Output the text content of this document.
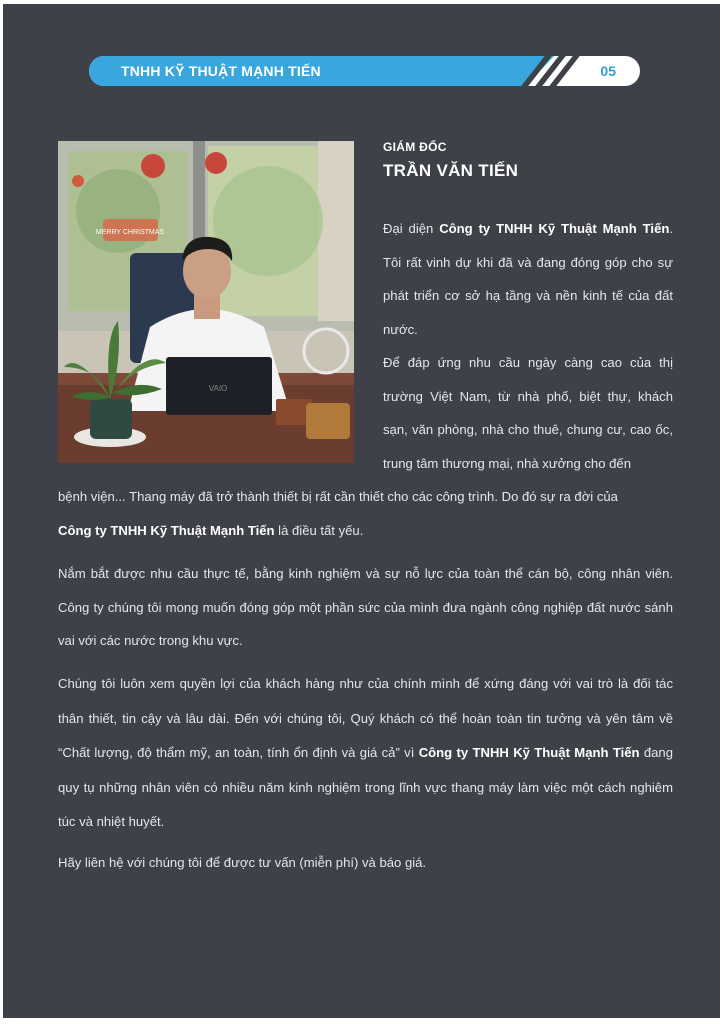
TNHH KỸ THUẬT MẠNH TIẾN	05
MERRY CHRISTMAS
VAIO
GIÁM ĐỐC
TRẦN VĂN TIẾN

Đại diện Công ty TNHH Kỹ Thuật Mạnh Tiến. Tôi rất vinh dự khi đã và đang đóng góp cho sự phát triển cơ sở hạ tầng và nền kinh tế của đất nước.

Để đáp ứng nhu cầu ngày càng cao của thị trường Việt Nam, từ nhà phố, biệt thự, khách sạn, văn phòng, nhà cho thuê, chung cư, cao ốc, trung tâm thương mại, nhà xưởng cho đến

bệnh viện... Thang máy đã trở thành thiết bị rất cần thiết cho các công trình. Do đó sự ra đời của
Công ty TNHH Kỹ Thuật Mạnh Tiến là điều tất yếu.

Nắm bắt được nhu cầu thực tế, bằng kinh nghiệm và sự nỗ lực của toàn thể cán bộ, công nhân viên. Công ty chúng tôi mong muốn đóng góp một phần sức của mình đưa ngành công nghiệp đất nước sánh vai với các nước trong khu vực.

Chúng tôi luôn xem quyền lợi của khách hàng như của chính mình để xứng đáng với vai trò là đối tác thân thiết, tin cậy và lâu dài. Đến với chúng tôi, Quý khách có thể hoàn toàn tin tưởng và yên tâm về “Chất lượng, độ thẩm mỹ, an toàn, tính ổn định và giá cả” vì Công ty TNHH Kỹ Thuật Mạnh Tiến đang quy tụ những nhân viên có nhiều năm kinh nghiệm trong lĩnh vực thang máy làm việc một cách nghiêm túc và nhiệt huyết.

Hãy liên hệ với chúng tôi để được tư vấn (miễn phí) và báo giá.
